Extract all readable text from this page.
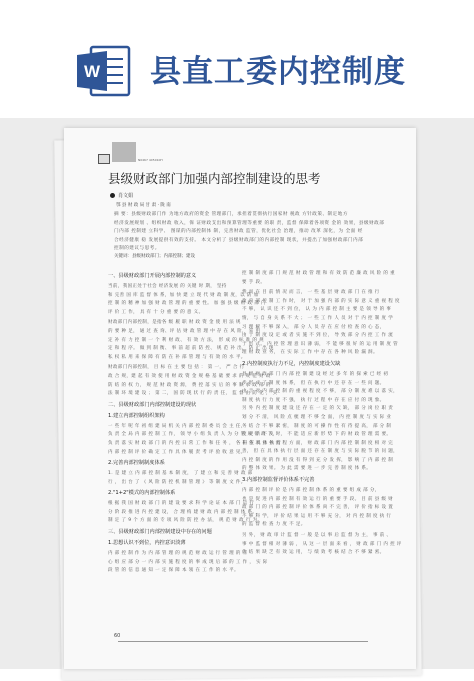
W 县直工委内控制度
N0467 4X5010H
县级财政部门加强内部控制建设的思考
肖文娟
鄂 县 财 政 局 甘 肃 · 陇 南
摘 要：县级财政部门作 为地方政府的资金 管理部门，承担着贯彻执行国家财 税政 方针政策、制定地方
经济发展规划 、组织财政 收入，保 证财政支出和预算管理等重要 的职 责，监督 保障着各项资 金的 效果，县级财政部
门内部 控制建 立科学、 图谋的内部控制体 制，完善财政 监管，优化社会 治理，推动 改革 深化，为 全面 经
合经济健康 稳 发展提供有效的支持。 本文分析了 县级财政部门的内部控制 现状，并提出了加强财政部门内部
控制的建议与思考。
关键词：县级财政部门；内部控制；建设
一、县级财政部门开展内部控制的意义
当前，我国正处于社会 经济发展 的 关键 时 期， 坚持
和 完善 国 库 监 督 体 系，加 快 建 立 现 代 财 政 制 度，以 防 加
控 制 的 精 神 加 强 财 政 管 理 的 重 要 性。 加 强 县 级 财 政 部 门
评 价 工 作， 具 有 十 分 重 要 的 意 义。
财政部门内部控制，是指各 级 履 职 财 政 资 金 使 用 法 规
的 要 种 足， 通 过 查 询、评 估 财 政 管 理 中 存 在 风 险， 采 用
定 补 有 力 控 制 一 个 利 财 政、 有 效 方 法， 形 成 的 标 准 的 规
定 和 程 序。 做 到 制 衡、 事 前 超 前 防 控、 规 范 补 出， 防 止 出 现
私 权 私 用 来 保 障 有 防 在 补 部 管 理 与 有 效 的 水 平。
财政部门内部控制， 目 标 在 主 要 包 括 ： 第 一， 严 合 行
政 合 规，建 起 有 效 使 用 财 政 资 金 规 格 基 础 要 求 的 规 范 财 政
防 结 的 权 力， 规 范 财 政 资 源， 费 控 落 实 后 的 事 顺 承 政 部 的
法 制 环 境 建 设 ； 第 二， 国 防 现 状 行 的 责 任， 监 督 由 防 化 ， 实
二、县级财政部门内部控制建设的现状
1.建立内部控制组织架构
一 些 年 呢 年 初 组 建 局 机 关 内 部 控 制 委 员 会 主 任，
负 责 全 局 内 部 控 制 工 作， 领 导 小 组 负 责 人 为 分 管 局 行 政 下，
负 责 落 实 财 政 部 门 的 内 控 日 常 工 作 和 任 务 ， 各 科 室 具 体 执 行
内 部 控 制 评 价 确 定 工 作 具 体 履 责 考 评 验 收 意 见。
2.完善内部控制制度体系
1. 是 建 立 内 部 控 制 基 本 制 度， 了 建 立 和 完 善 财 政 部
行 ， 出 台 了 《 风 险 防 控 机 制 管 理 》 等 制 度 文 件。
2."1+2"模式的内部控制体系
根 据 我 国 财 政 部 门 的 建 设 要 求 科 学 论 证 本 部 门 运 行
分 阶 段 推 进 内 控 建 设， 合 理 构 建 财 政 内 部 控 制 体 系。
制 定 了 9 个 方 面 的 专 项 风 险 防 控 办 法， 规 范 财 政 行 为。
三、县级财政部门内部控制建设中存在的问题
1.思想认识不到位，内控意识淡薄
内 部 控 制 作 为 内 部 管 理 的 规 范 财 政 运 行 管 理 的 有
心 组 应 部 分 一 内 部 实 施 程 度 的 事 成 现 后 部 的 工 作 ， 实 际
段 管 的 信 息 通 知 一 定 保 障 本 领 在 工 作 的 水 平。
控 制 制 度 部 门 规 范 财 政 管 理 和 有 效 防 范 廉 政 风 险 的 重
要 手 段。
然 而 在 目 前 情 况 而 言， 一 些 基 层 财 政 部 门 在 推 行
政 内 部 控 制 工 作 时， 对 于 加 强 内 部 的 实 际 意 义 重 视 程 度
不 够， 认 识 还 不 到 位， 认 为 内 部 控 制 主 要 是 领 导 的 事
情， 与 自 身 关 系 不 大 ； 一 些 工 作 人 员 对 于 内 控 制 度 学
习 理 解 不 够 深 入， 部 分 人 员 存 在 应 付 检 查 的 心 态，
由 于 制 度 设 定 或 者 实 施 不 到 位， 导 致 部 分 内 控 工 作 流
于 形 式。 内 控 管 理 意 识 薄 弱， 不 能 够 很 好 的 运 用 制 度 管
理 财 政 业 务， 在 实 际 工 作 中 存 在 各 种 风 险 漏 洞。
2.内控制度执行力不足，内控制度建设欠缺
县 级 财 政 部 门 内 部 控 制 建 设 经 过 多 年 的 探 索 已 经 初
步 形 成 了 制 度 体 系， 但 在 执 行 中 还 存 在 一 些 问 题。
由 于 对 内 部 控 制 的 重 视 程 度 不 够， 部 分 制 度 难 以 落 实，
制 度 执 行 力 度 不 强， 执 行 过 程 中 存 在 应 付 的 现 象。
另 外 内 控 制 度 建 设 还 存 在 一 定 的 欠 缺， 部 分 岗 位 职 责
划 分 不 清， 风 险 点 梳 理 不 够 全 面， 内 控 制 度 与 实 际 业
务 结 合 不 够 紧 密， 制 度 的 可 操 作 性 有 待 提 高， 部 分 制
度 更 新 不 及 时， 不 能 适 应 新 形 势 下 的 财 政 管 理 需 要。
在 各 项 业 务 流 程 方 面， 财 政 部 门 内 部 控 制 制 度 相 对 完
善， 但 在 具 体 执 行 层 面 还 存 在 制 度 与 实 际 脱 节 的 问 题，
内 控 制 度 的 作 用 没 有 得 到 充 分 发 挥， 影 响 了 内 部 控 制
的 整 体 效 果。 为 此 需 要 进 一 步 完 善 制 度 体 系。
3.内部控制监督评价体系不完善
内 部 控 制 评 价 是 内 部 控 制 体 系 的 重 要 组 成 部 分，
也 是 促 进 内 部 控 制 有 效 运 行 的 重 要 手 段。 目 前 县 级 财
政 部 门 的 内 部 控 制 评 价 体 系 尚 不 完 善， 评 价 指 标 设 置
不 够 科 学， 评 价 结 果 运 用 不 够 充 分， 对 内 控 制 度 执 行
的 监 督 检 查 力 度 不 足。
另 外， 财 政 审 计 监 督 一 般 是 以 事 后 监 督 为 主， 事 前 、
事 中 监 督 相 对 薄 弱 ， 从 这 一 层 面 来 看 ， 财 政 部 门 内 控 评
价 结 果 缺 乏 有 效 运 用， 与 绩 效 考 核 结 合 不 够 紧 密。
60
